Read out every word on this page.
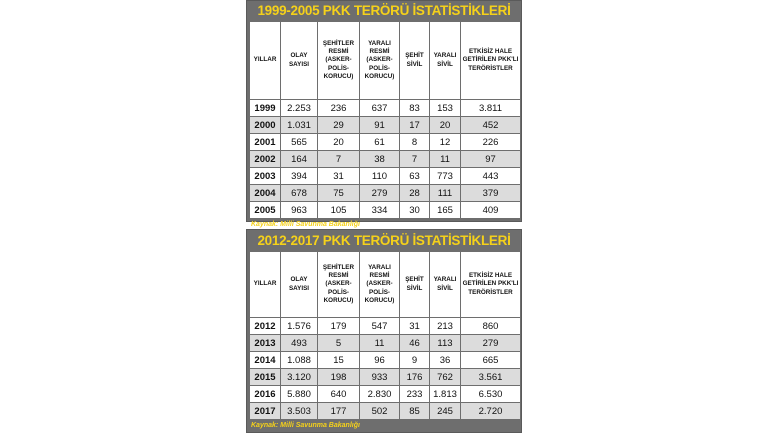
1999-2005 PKK TERÖRÜ İSTATİSTİKLERİ
YILLAR	OLAY SAYISI	ŞEHİTLER RESMİ (ASKER-POLİS-KORUCU)	YARALI RESMİ (ASKER-POLİS-KORUCU)	ŞEHİT SİVİL	YARALI SİVİL	ETKİSİZ HALE GETİRİLEN PKK'LI TERÖRİSTLER

1999	2.253	236	637	83	153	3.811
2000	1.031	29	91	17	20	452
2001	565	20	61	8	12	226
2002	164	7	38	7	11	97
2003	394	31	110	63	773	443
2004	678	75	279	28	111	379
2005	963	105	334	30	165	409
Kaynak: Milli Savunma Bakanlığı
2012-2017 PKK TERÖRÜ İSTATİSTİKLERİ
YILLAR	OLAY SAYISI	ŞEHİTLER RESMİ (ASKER-POLİS-KORUCU)	YARALI RESMİ (ASKER-POLİS-KORUCU)	ŞEHİT SİVİL	YARALI SİVİL	ETKİSİZ HALE GETİRİLEN PKK'LI TERÖRİSTLER

2012	1.576	179	547	31	213	860
2013	493	5	11	46	113	279
2014	1.088	15	96	9	36	665
2015	3.120	198	933	176	762	3.561
2016	5.880	640	2.830	233	1.813	6.530
2017	3.503	177	502	85	245	2.720
Kaynak: Milli Savunma Bakanlığı
